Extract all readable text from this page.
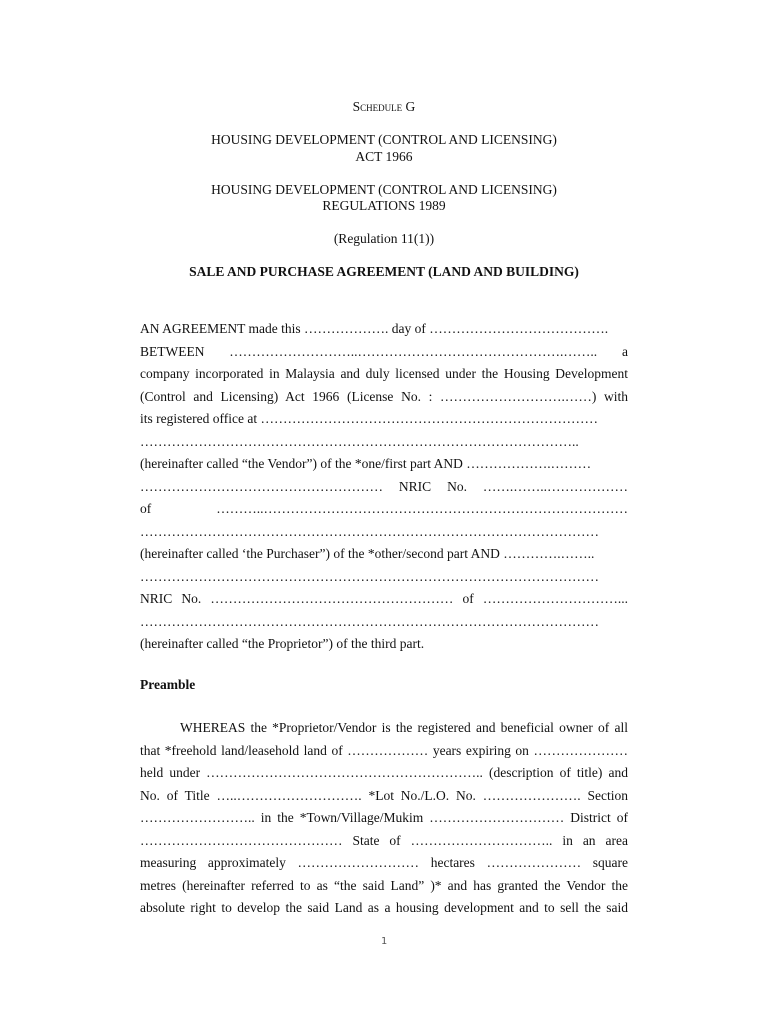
Schedule G
HOUSING DEVELOPMENT (CONTROL AND LICENSING)
ACT 1966
HOUSING DEVELOPMENT (CONTROL AND LICENSING)
REGULATIONS 1989
(Regulation 11(1))
SALE AND PURCHASE AGREEMENT (LAND AND BUILDING)
AN AGREEMENT made this ………………. day of ………………………………….
BETWEEN ………………………..……………………………………….…….. a
company incorporated in Malaysia and duly licensed under the Housing Development
(Control and Licensing) Act 1966 (License No. : ……………………….……) with
its registered office at …………………………………………………………………
……………………………………………………………………………………..
(hereinafter called “the Vendor”) of the *one/first part AND ……………….………
……………………………………………… NRIC No. …….……..………………
of ………..………………………………………………………………………
…………………………………………………………………………………………
(hereinafter called ‘the Purchaser”) of the *other/second part AND ………….……..
…………………………………………………………………………………………
NRIC No. ……………………………………………… of …………………………...
…………………………………………………………………………………………
(hereinafter called “the Proprietor”) of the third part.
Preamble
WHEREAS the *Proprietor/Vendor is the registered and beneficial owner of all
that *freehold land/leasehold land of ……………… years expiring on …………………
held under …………………………………………………….. (description of title) and
No. of Title …..………………………. *Lot No./L.O. No. …………………. Section
…………………….. in the *Town/Village/Mukim ………………………… District of
……………………………………… State of ………………………….. in an area
measuring approximately ……………………… hectares ………………… square
metres (hereinafter referred to as “the said Land” )* and has granted the Vendor the
absolute right to develop the said Land as a housing development and to sell the said
1
